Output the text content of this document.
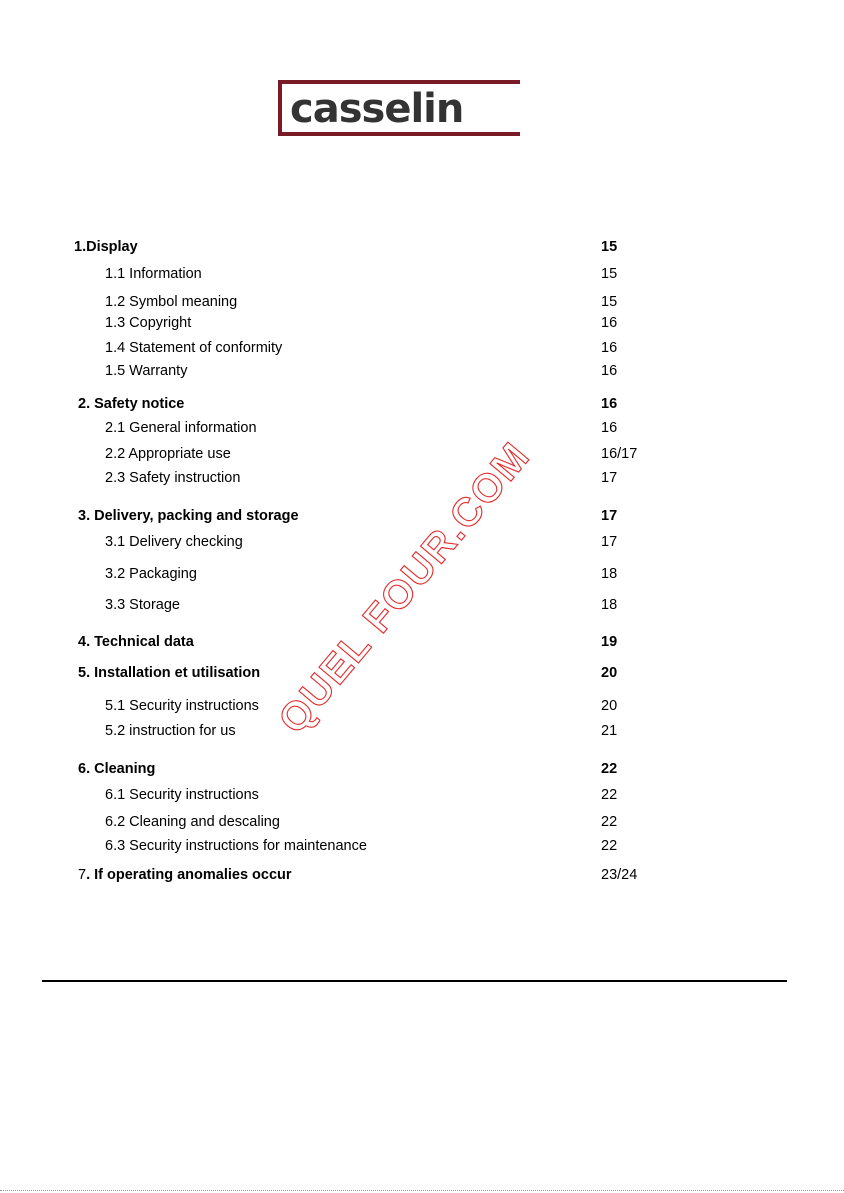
casselin
1.Display	15
1.1 Information	15
1.2 Symbol meaning	15
1.3 Copyright	16
1.4 Statement of conformity	16
1.5 Warranty	16
2. Safety notice	16
2.1 General information	16
2.2 Appropriate use	16/17
2.3 Safety instruction	17
3. Delivery, packing and storage	17
3.1 Delivery checking	17
3.2 Packaging	18
3.3 Storage	18
4. Technical data	19
5. Installation et utilisation	20
5.1 Security instructions	20
5.2 instruction for us	21
6. Cleaning	22
6.1 Security instructions	22
6.2 Cleaning and descaling	22
6.3 Security instructions for maintenance	22
7. If operating anomalies occur	23/24
QUEL FOUR.COM
